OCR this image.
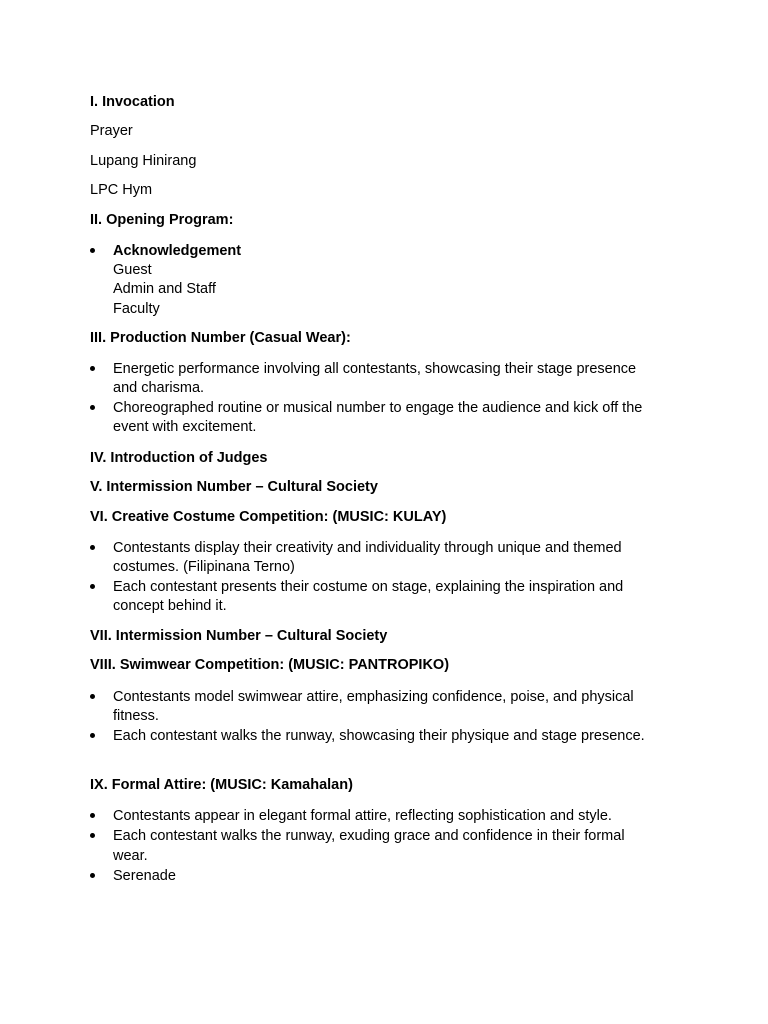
I. Invocation
Prayer
Lupang Hinirang
LPC Hym
II. Opening Program:
Acknowledgement
Guest
Admin and Staff
Faculty
III. Production Number (Casual Wear):
Energetic performance involving all contestants, showcasing their stage presence
and charisma.
Choreographed routine or musical number to engage the audience and kick off the
event with excitement.
IV. Introduction of Judges
V. Intermission Number – Cultural Society
VI. Creative Costume Competition: (MUSIC: KULAY)
Contestants display their creativity and individuality through unique and themed
costumes. (Filipinana Terno)
Each contestant presents their costume on stage, explaining the inspiration and
concept behind it.
VII. Intermission Number – Cultural Society
VIII. Swimwear Competition: (MUSIC: PANTROPIKO)
Contestants model swimwear attire, emphasizing confidence, poise, and physical
fitness.
Each contestant walks the runway, showcasing their physique and stage presence.
IX. Formal Attire: (MUSIC: Kamahalan)
Contestants appear in elegant formal attire, reflecting sophistication and style.
Each contestant walks the runway, exuding grace and confidence in their formal
wear.
Serenade
